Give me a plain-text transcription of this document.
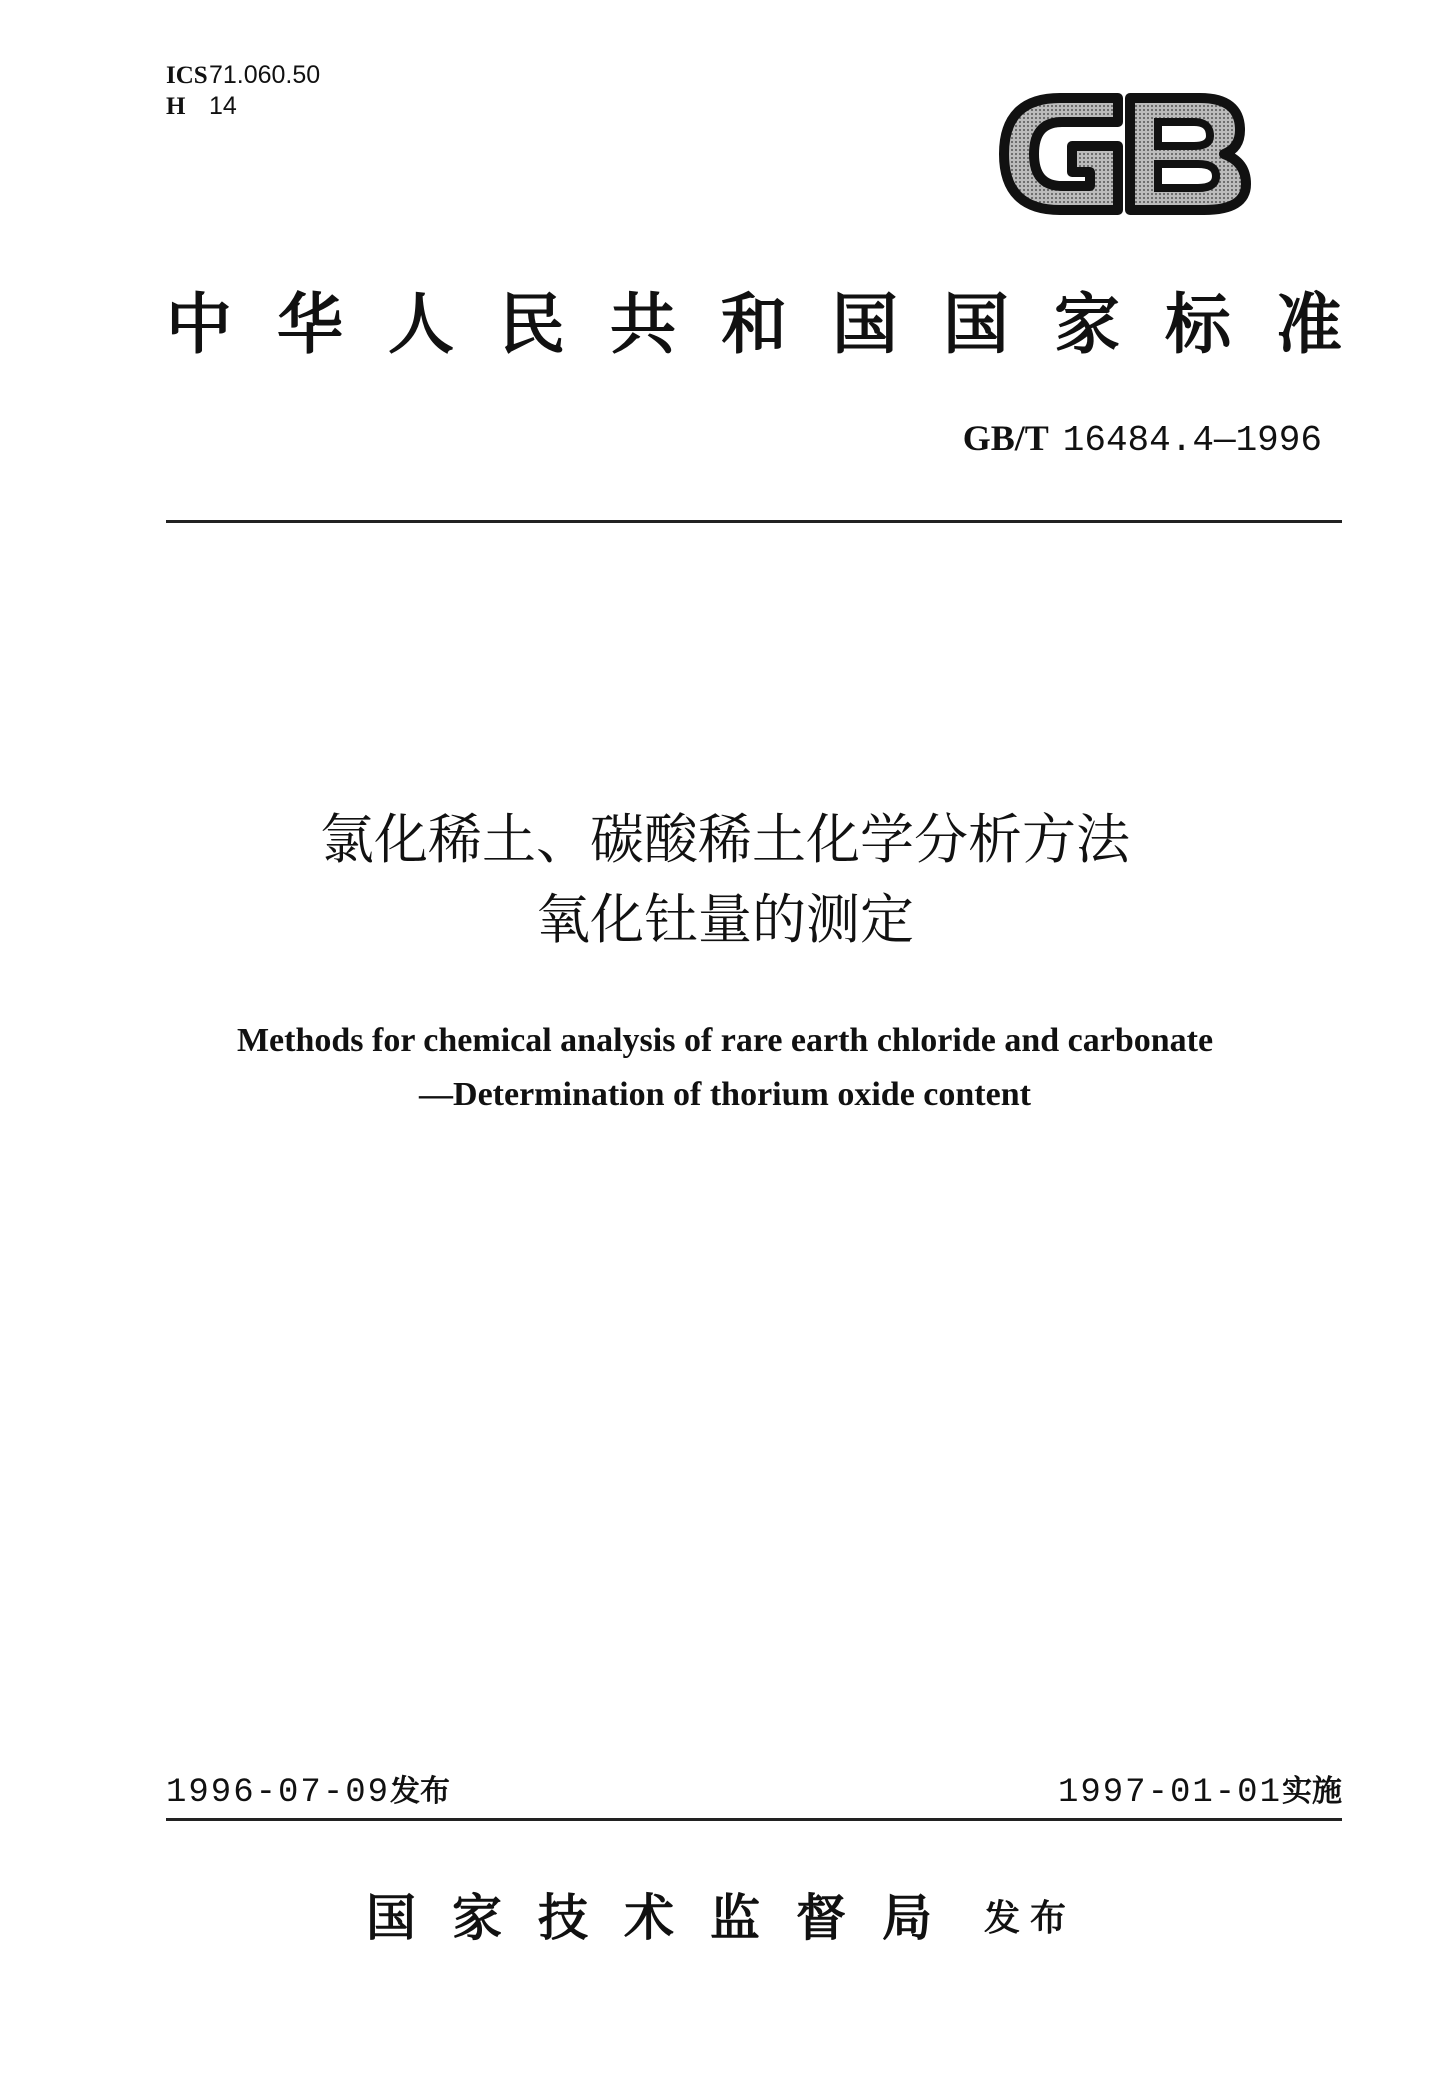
ICS 71.060.50
H 14
中 华 人 民 共 和 国 国 家 标 准
GB/T 16484.4—1996
氯化稀土、碳酸稀土化学分析方法
氧化钍量的测定
Methods for chemical analysis of rare earth chloride and carbonate
—Determination of thorium oxide content
1996-07-09发布	1997-01-01实施
国家技术监督局 发布
